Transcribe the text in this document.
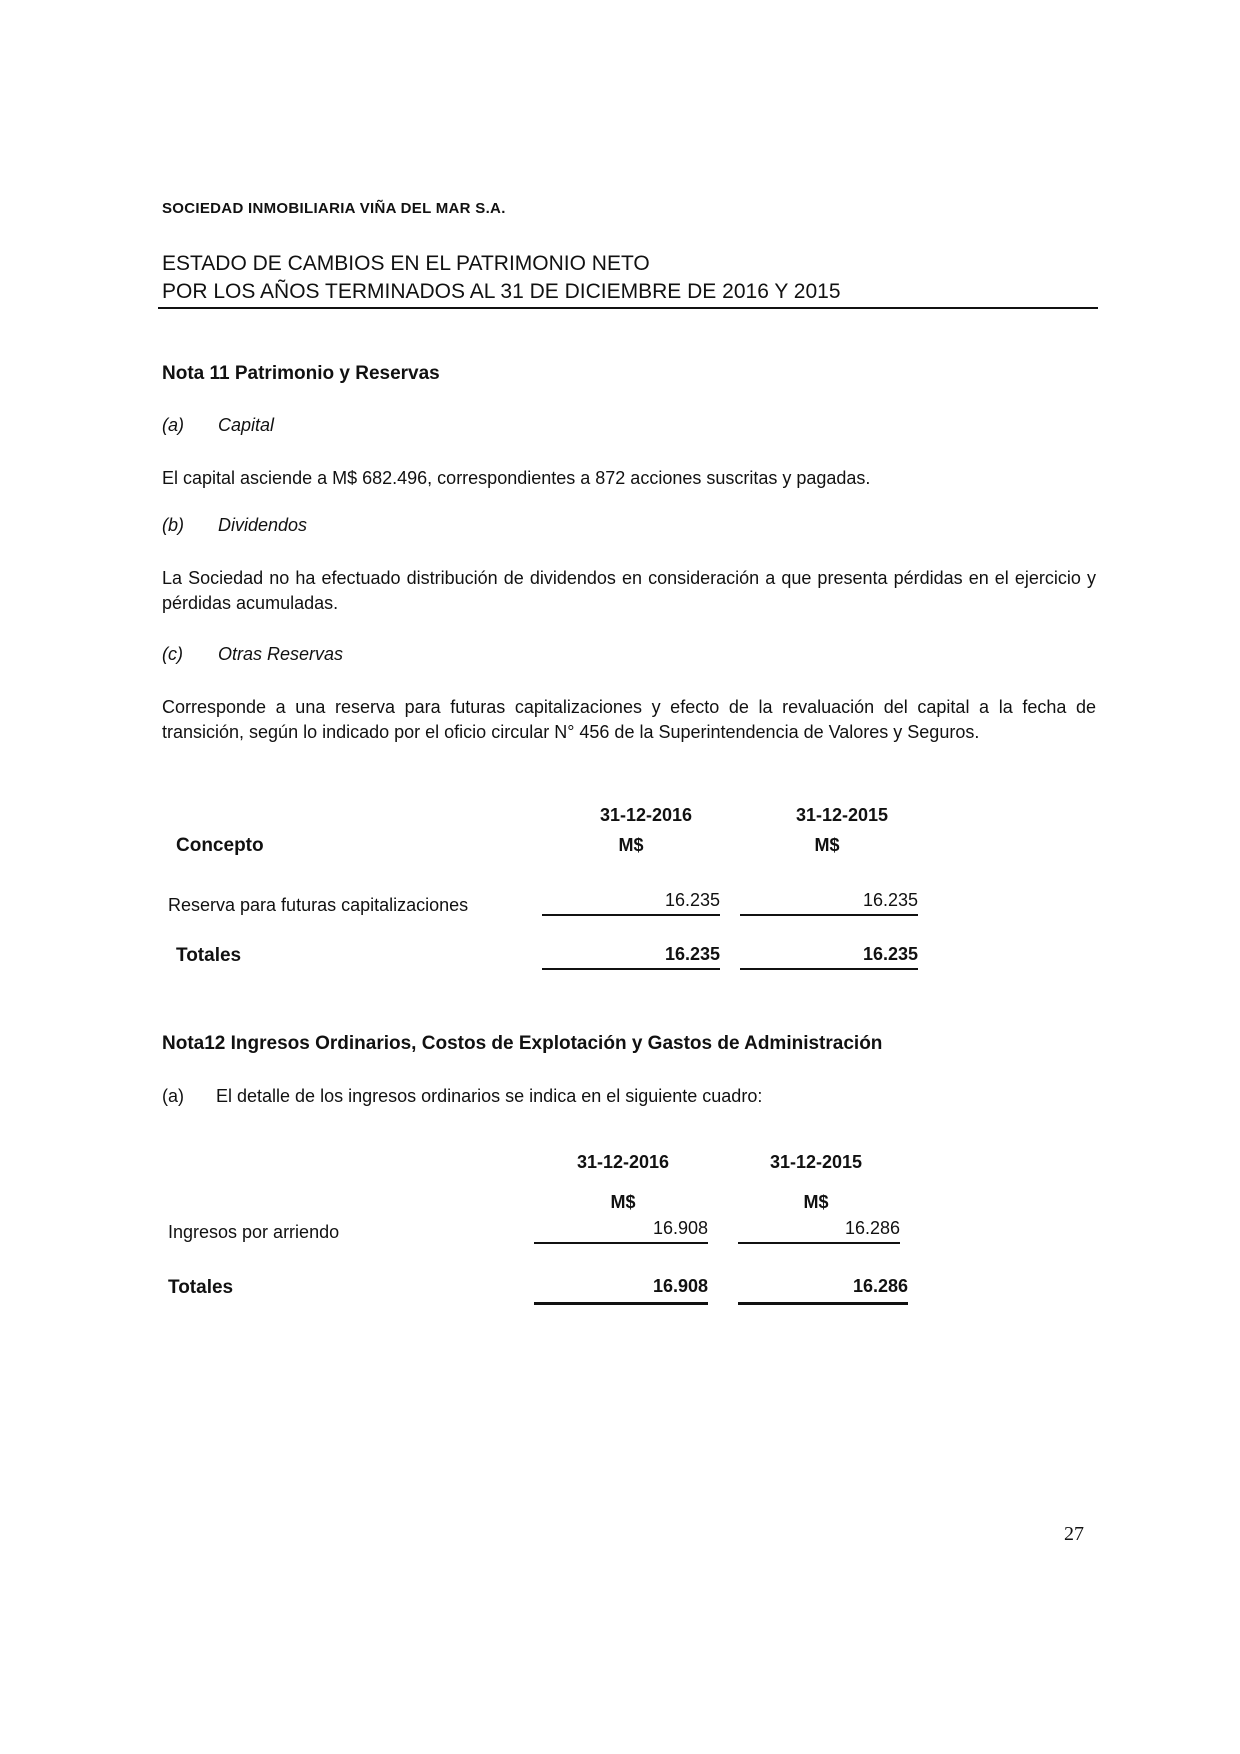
SOCIEDAD INMOBILIARIA VIÑA DEL MAR S.A.
ESTADO DE CAMBIOS EN EL PATRIMONIO NETO
POR LOS AÑOS TERMINADOS AL 31 DE DICIEMBRE DE 2016 Y 2015
Nota 11 Patrimonio y Reservas
(a) Capital
El capital asciende a M$ 682.496, correspondientes a 872 acciones suscritas y pagadas.
(b) Dividendos
La Sociedad no ha efectuado distribución de dividendos en consideración a que presenta pérdidas en el ejercicio y pérdidas acumuladas.
(c) Otras Reservas
Corresponde a una reserva para futuras capitalizaciones y efecto de la revaluación del capital a la fecha de transición, según lo indicado por el oficio circular N° 456 de la Superintendencia de Valores y Seguros.
31-12-2016	31-12-2015
Concepto	M$	M$
Reserva para futuras capitalizaciones	16.235	16.235
Totales	16.235	16.235
Nota12 Ingresos Ordinarios, Costos de Explotación y Gastos de Administración
(a) El detalle de los ingresos ordinarios se indica en el siguiente cuadro:
31-12-2016	31-12-2015
M$	M$
Ingresos por arriendo	16.908	16.286
Totales	16.908	16.286
27
